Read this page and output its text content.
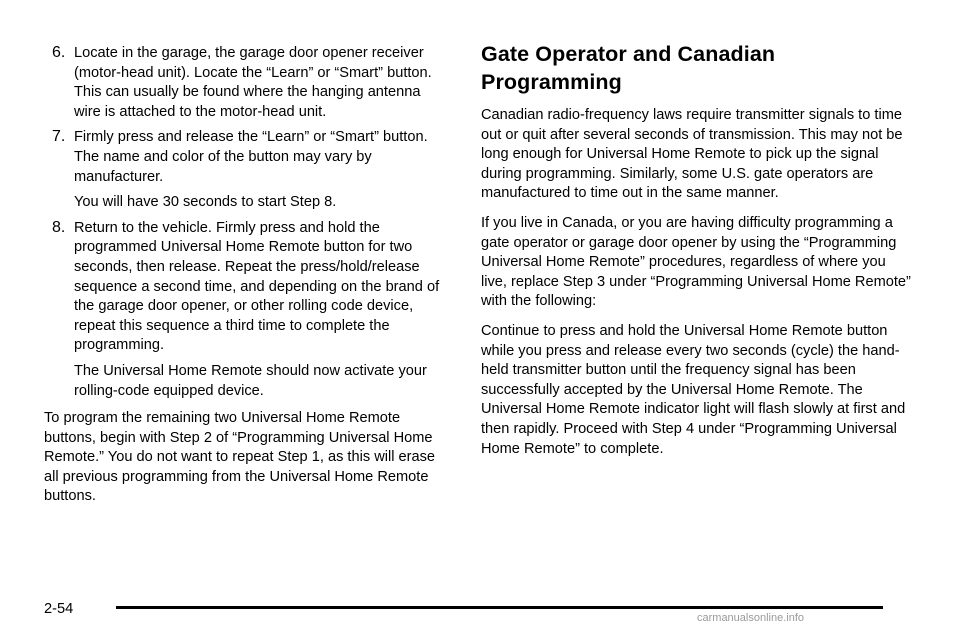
6. Locate in the garage, the garage door opener receiver (motor-head unit). Locate the “Learn” or “Smart” button. This can usually be found where the hanging antenna wire is attached to the motor-head unit.

7. Firmly press and release the “Learn” or “Smart” button. The name and color of the button may vary by manufacturer.

You will have 30 seconds to start Step 8.

8. Return to the vehicle. Firmly press and hold the programmed Universal Home Remote button for two seconds, then release. Repeat the press/hold/release sequence a second time, and depending on the brand of the garage door opener, or other rolling code device, repeat this sequence a third time to complete the programming.

The Universal Home Remote should now activate your rolling-code equipped device.

To program the remaining two Universal Home Remote buttons, begin with Step 2 of “Programming Universal Home Remote.” You do not want to repeat Step 1, as this will erase all previous programming from the Universal Home Remote buttons.

Gate Operator and Canadian Programming

Canadian radio-frequency laws require transmitter signals to time out or quit after several seconds of transmission. This may not be long enough for Universal Home Remote to pick up the signal during programming. Similarly, some U.S. gate operators are manufactured to time out in the same manner.

If you live in Canada, or you are having difficulty programming a gate operator or garage door opener by using the “Programming Universal Home Remote” procedures, regardless of where you live, replace Step 3 under “Programming Universal Home Remote” with the following:

Continue to press and hold the Universal Home Remote button while you press and release every two seconds (cycle) the hand-held transmitter button until the frequency signal has been successfully accepted by the Universal Home Remote. The Universal Home Remote indicator light will flash slowly at first and then rapidly. Proceed with Step 4 under “Programming Universal Home Remote” to complete.

2-54
carmanualsonline.info
